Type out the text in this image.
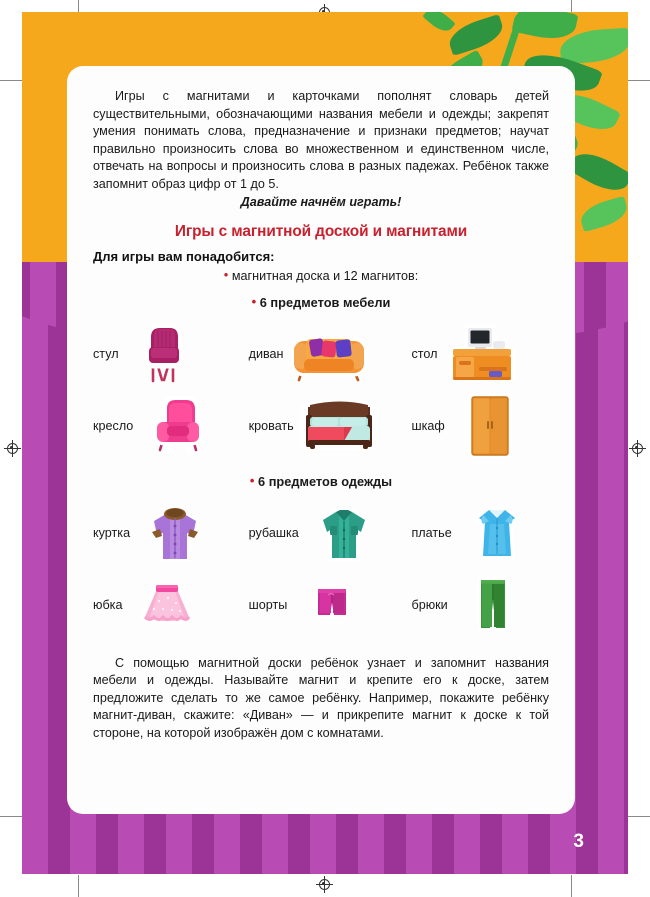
Игры с магнитами и карточками пополнят словарь детей существительными, обозначающими названия мебели и одежды; закрепят умения понимать слова, предназначение и признаки предметов; научат правильно произносить слова во множественном и единственном числе, отвечать на вопросы и произносить слова в разных падежах. Ребёнок также запомнит образ цифр от 1 до 5.

Давайте начнём играть!
Игры с магнитной доской и магнитами
Для игры вам понадобится:
• магнитная доска и 12 магнитов:
• 6 предметов мебели
стул	диван	стол
кресло	кровать	шкаф
• 6 предметов одежды
куртка	рубашка	платье
юбка	шорты	брюки

С помощью магнитной доски ребёнок узнает и запомнит названия мебели и одежды. Называйте магнит и крепите его к доске, затем предложите сделать то же самое ребёнку. Например, покажите ребёнку магнит-диван, скажите: «Диван» — и прикрепите магнит к доске к той стороне, на которой изображён дом с комнатами.

3
